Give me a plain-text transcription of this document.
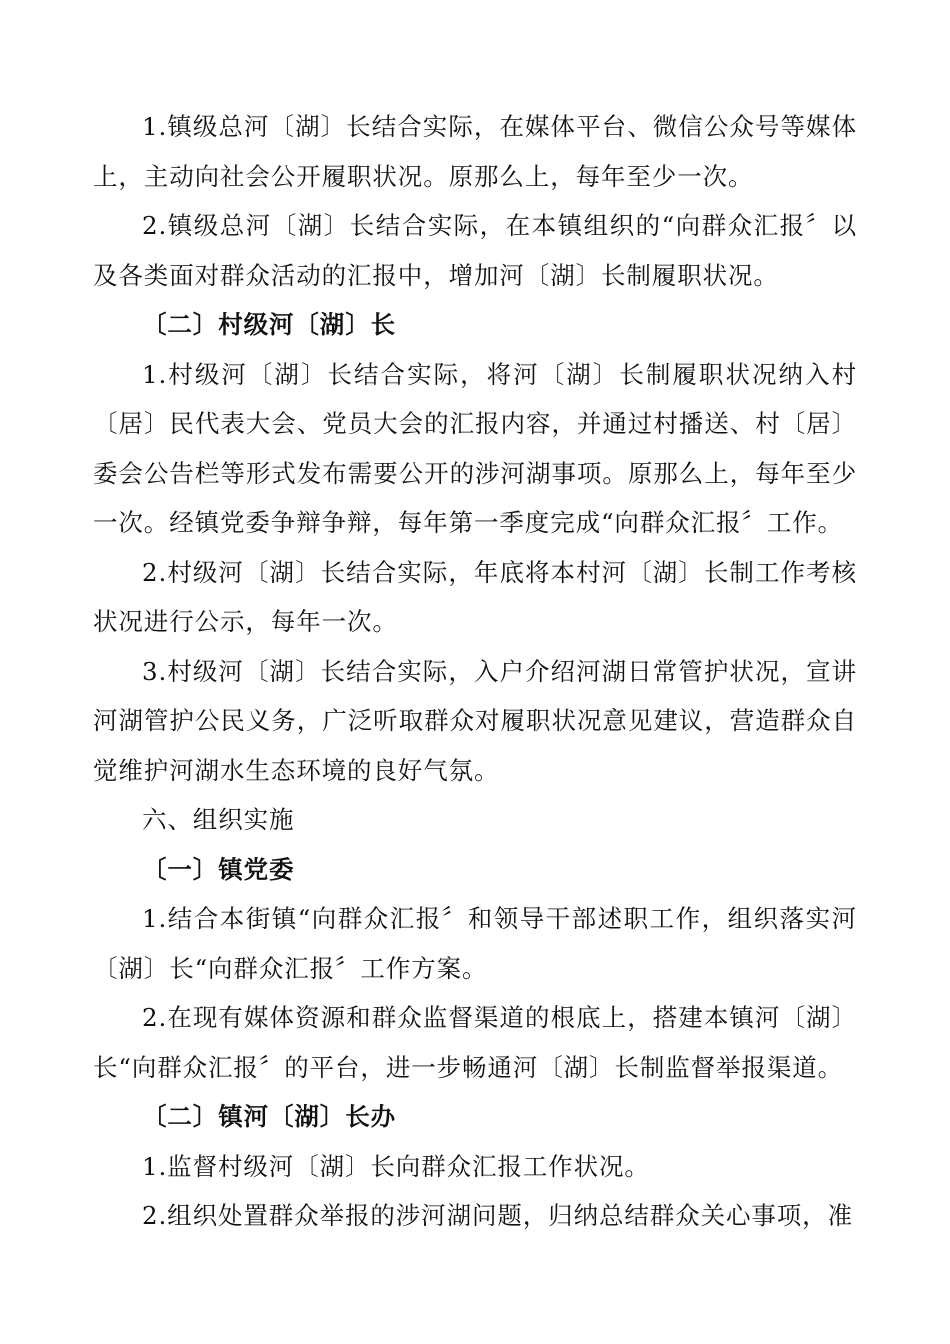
1.镇级总河〔湖〕长结合实际，在媒体平台、微信公众号等媒体上，主动向社会公开履职状况。原那么上，每年至少一次。

2.镇级总河〔湖〕长结合实际，在本镇组织的“向群众汇报〞以及各类面对群众活动的汇报中，增加河〔湖〕长制履职状况。

〔二〕村级河〔湖〕长

1.村级河〔湖〕长结合实际，将河〔湖〕长制履职状况纳入村〔居〕民代表大会、党员大会的汇报内容，并通过村播送、村〔居〕委会公告栏等形式发布需要公开的涉河湖事项。原那么上，每年至少一次。经镇党委争辩争辩，每年第一季度完成“向群众汇报〞工作。

2.村级河〔湖〕长结合实际，年底将本村河〔湖〕长制工作考核状况进行公示，每年一次。

3.村级河〔湖〕长结合实际，入户介绍河湖日常管护状况，宣讲河湖管护公民义务，广泛听取群众对履职状况意见建议，营造群众自觉维护河湖水生态环境的良好气氛。

六、组织实施

〔一〕镇党委

1.结合本街镇“向群众汇报〞和领导干部述职工作，组织落实河〔湖〕长“向群众汇报〞工作方案。

2.在现有媒体资源和群众监督渠道的根底上，搭建本镇河〔湖〕长“向群众汇报〞的平台，进一步畅通河〔湖〕长制监督举报渠道。

〔二〕镇河〔湖〕长办

1.监督村级河〔湖〕长向群众汇报工作状况。

2.组织处置群众举报的涉河湖问题，归纳总结群众关心事项，准
